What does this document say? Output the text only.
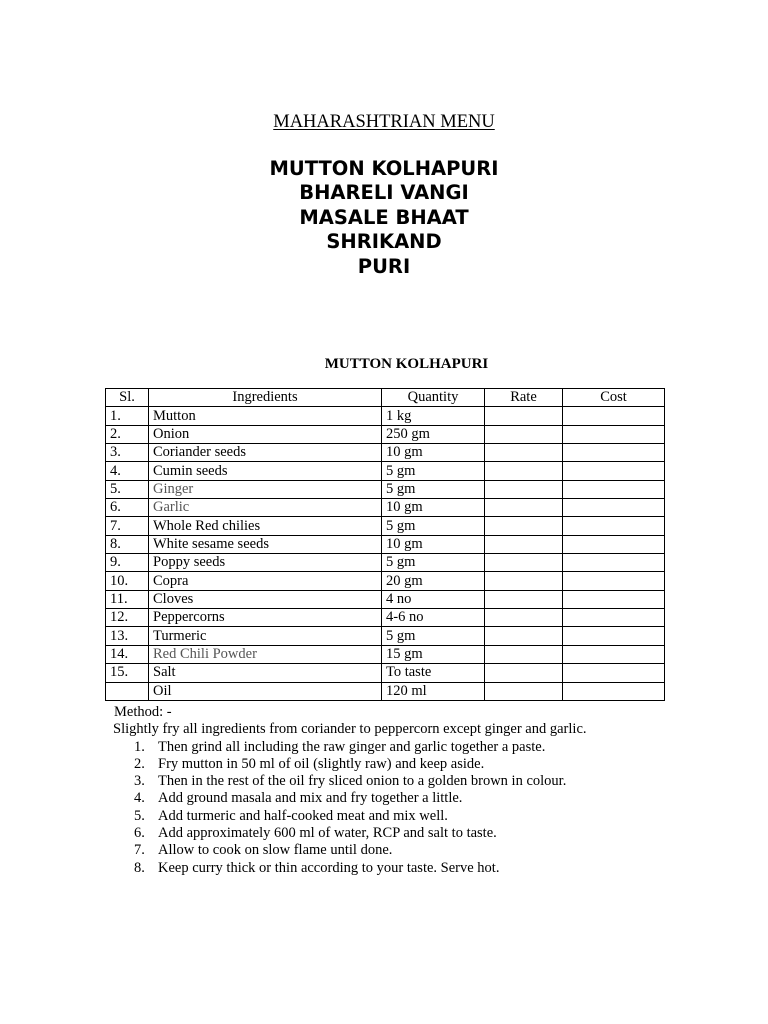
MAHARASHTRIAN MENU
MUTTON KOLHAPURI
BHARELI VANGI
MASALE BHAAT
SHRIKAND
PURI
MUTTON KOLHAPURI
Sl.	Ingredients	Quantity	Rate	Cost
1.	Mutton	1 kg		
2.	Onion	250 gm		
3.	Coriander seeds	10 gm		
4.	Cumin seeds	5 gm		
5.	Ginger	5 gm		
6.	Garlic	10 gm		
7.	Whole Red chilies	5 gm		
8.	White sesame seeds	10 gm		
9.	Poppy seeds	5 gm		
10.	Copra	20 gm		
11.	Cloves	4 no		
12.	Peppercorns	4-6 no		
13.	Turmeric	5 gm		
14.	Red Chili Powder	15 gm		
15.	Salt	To taste		
	Oil	120 ml		
Method: -
Slightly fry all ingredients from coriander to peppercorn except ginger and garlic.
1. Then grind all including the raw ginger and garlic together a paste.
2. Fry mutton in 50 ml of oil (slightly raw) and keep aside.
3. Then in the rest of the oil fry sliced onion to a golden brown in colour.
4. Add ground masala and mix and fry together a little.
5. Add turmeric and half-cooked meat and mix well.
6. Add approximately 600 ml of water, RCP and salt to taste.
7. Allow to cook on slow flame until done.
8. Keep curry thick or thin according to your taste. Serve hot.
